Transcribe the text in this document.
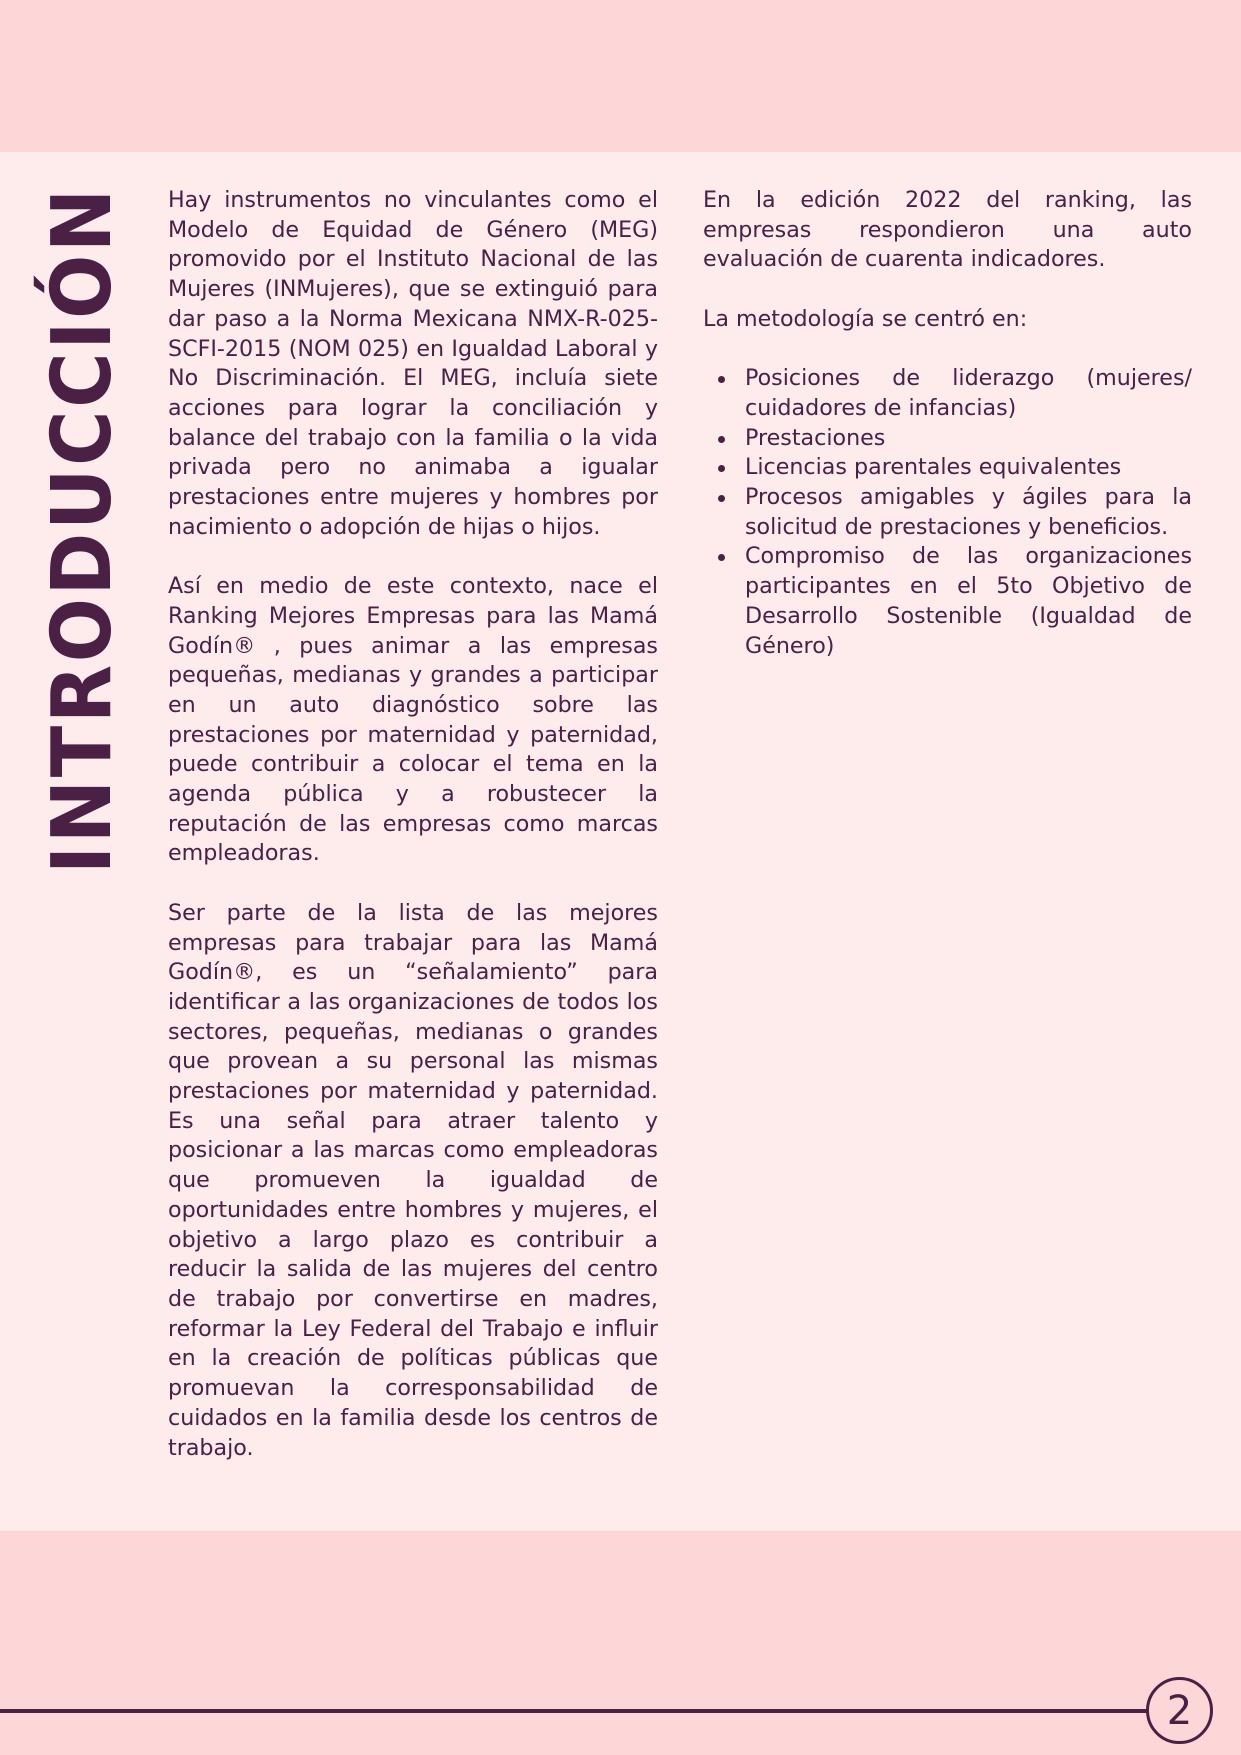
INTRODUCCIÓN Hay instrumentos no vinculantes como el Modelo de Equidad de Género (MEG) promovido por el Instituto Nacional de las Mujeres (INMujeres), que se extinguió para dar paso a la Norma Mexicana NMX-R-025-SCFI-2015 (NOM 025) en Igualdad Laboral y No Discriminación. El MEG, incluía siete acciones para lograr la conciliación y balance del trabajo con la familia o la vida privada pero no animaba a igualar prestaciones entre mujeres y hombres por nacimiento o adopción de hijas o hijos.

Así en medio de este contexto, nace el Ranking Mejores Empresas para las Mamá Godín® , pues animar a las empresas pequeñas, medianas y grandes a participar en un auto diagnóstico sobre las prestaciones por maternidad y paternidad, puede contribuir a colocar el tema en la agenda pública y a robustecer la reputación de las empresas como marcas empleadoras.

Ser parte de la lista de las mejores empresas para trabajar para las Mamá Godín®, es un “señalamiento” para identificar a las organizaciones de todos los sectores, pequeñas, medianas o grandes que provean a su personal las mismas prestaciones por maternidad y paternidad. Es una señal para atraer talento y posicionar a las marcas como empleadoras que promueven la igualdad de oportunidades entre hombres y mujeres, el objetivo a largo plazo es contribuir a reducir la salida de las mujeres del centro de trabajo por convertirse en madres, reformar la Ley Federal del Trabajo e influir en la creación de políticas públicas que promuevan la corresponsabilidad de cuidados en la familia desde los centros de trabajo.

En la edición 2022 del ranking, las empresas respondieron una auto evaluación de cuarenta indicadores.

La metodología se centró en:

Posiciones de liderazgo (mujeres/ cuidadores de infancias)
Prestaciones
Licencias parentales equivalentes
Procesos amigables y ágiles para la solicitud de prestaciones y beneficios.
Compromiso de las organizaciones participantes en el 5to Objetivo de Desarrollo Sostenible (Igualdad de Género)
2
